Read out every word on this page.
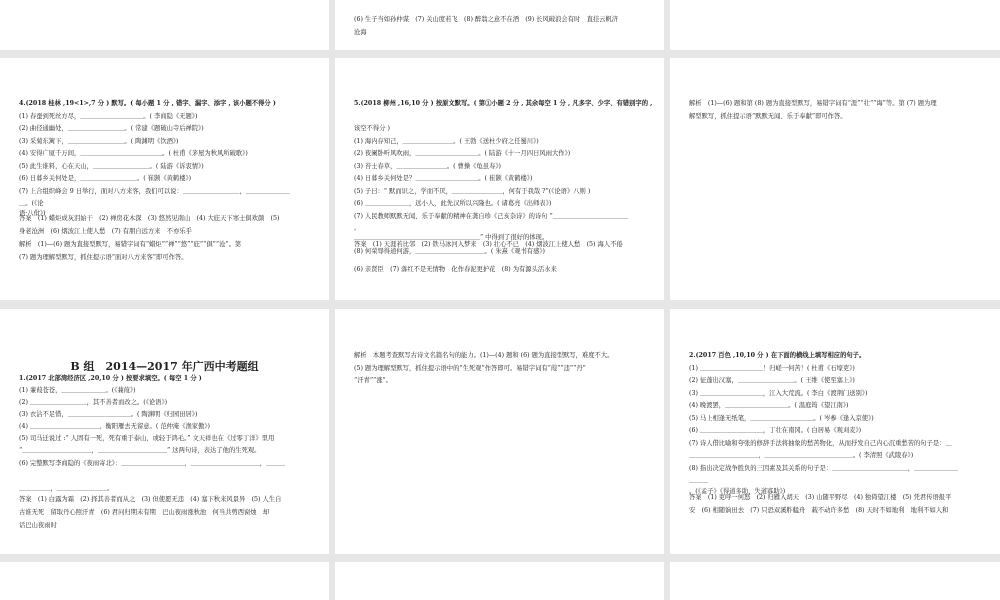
(6) 生子当如孙仲谋　(7) 关山度若飞　(8) 醉翁之意不在酒　(9) 长风破浪会有时　直挂云帆济
沧海
4.(2018 桂林 ,19<1>,7 分 ) 默写。( 每小题 1 分 , 错字、漏字、添字 , 该小题不得分 )
(1) 春蚕到死丝方尽，＿＿＿＿＿＿＿＿＿＿。( 李商隐《无题》)
(2) 曲径通幽处，＿＿＿＿＿＿＿＿＿。( 常建《题破山寺后禅院》)
(3) 采菊东篱下，＿＿＿＿＿＿＿＿＿。( 陶渊明《饮酒》)
(4) 安得广厦千万间，＿＿＿＿＿＿＿＿＿＿＿＿＿。( 杜甫《茅屋为秋风所破歌》)
(5) 此生谁料，心在天山，＿＿＿＿＿＿＿＿＿。( 陆游《诉衷情》)
(6) 日暮乡关何处是，＿＿＿＿＿＿＿＿＿。( 崔颢《黄鹤楼》)
(7) 上合组织峰会 9 日举行，面对八方来客，我们可以说：＿＿＿＿＿＿＿＿＿，＿＿＿＿＿＿＿
＿。(《论
语·八佾》)
答案　(1) 蜡炬成灰泪始干　(2) 禅房花木深　(3) 悠然见南山　(4) 大庇天下寒士俱欢颜　(5)
身老沧洲　(6) 烟波江上使人愁　(7) 有朋自远方来　不亦乐乎
解析　(1)—(6) 题为直接型默写，易错字词有“蜡炬”“禅”“悠”“庇”“俱”“沧”。第
(7) 题为理解型默写，抓住提示语“面对八方来客”即可作答。
5.(2018 柳州 ,16,10 分 ) 按原文默写。( 第①小题 2 分 , 其余每空 1 分 , 凡多字、少字、有错别字的 ,
该空不得分 )
(1) 海内存知己，＿＿＿＿＿＿＿＿。( 王勃《送杜少府之任蜀川》)
(2) 夜阑卧听风吹雨，＿＿＿＿＿＿＿＿＿＿。( 陆游《十一月四日风雨大作》)
(3) 苔士春草，＿＿＿＿＿＿＿＿。( 曹操《龟虽寿》)
(4) 日暮乡关何处是？＿＿＿＿＿＿＿＿＿＿。( 崔颢《黄鹤楼》)
(5) 子曰：“ 默而识之，学而不厌，＿＿＿＿＿＿＿＿，何有于我哉 ?”(《论语》八则 )
(6) ＿＿＿＿＿＿＿，远小人，此先汉所以兴隆也。( 诸葛亮《出师表》)
(7) 人民教师默默无闻、乐于奉献的精神在龚自珍《己亥杂诗》的诗句 “＿＿＿＿＿＿＿＿＿＿＿＿
，
＿＿＿＿＿＿＿＿＿＿＿＿＿＿＿＿＿＿＿＿” 中得到了很好的体现。
答案　(1) 天涯若比邻　(2) 铁马冰河入梦来　(3) 壮心不已　(4) 烟波江上使人愁　(5) 海人不倦
(8) 何荣辱得道何游，＿＿＿＿＿＿＿＿＿＿＿。( 朱熹《观书有感》)
(6) 亲贤臣　(7) 落红不是无情物　化作春泥更护花　(8) 为有源头活水来
解析　(1)—(6) 题和第 (8) 题为直接型默写，易错字词有“涯”“壮”“诲”等。第 (7) 题为理
解型默写，抓住提示语“默默无闻、乐于奉献”即可作答。
B 组　2014—2017 年广西中考题组
1.(2017 北部湾经济区 ,20,10 分 ) 按要求填空。( 每空 1 分 )
(1) 蒹葭苍苍，＿＿＿＿＿＿＿。(《蒹葭》)
(2) ＿＿＿＿＿＿＿＿＿，其不善者而改之。(《论语》)
(3) 衣沾不足惜，＿＿＿＿＿＿＿＿＿＿。( 陶渊明《归园田居》)
(4) ＿＿＿＿＿＿＿＿＿＿＿，衡阳雁去无留意。( 范仲淹《渔家傲》)
(5) 司马迁说过 :“ 人固有一死，死有重于泰山，或轻于鸿毛。” 文天祥也在《过零丁洋》里用
“＿＿＿＿＿＿＿＿＿＿＿，＿＿＿＿＿＿＿＿＿＿＿” 这两句诗，表达了他的生死观。
(6) 完整默写李商隐的《夜雨寄北》：＿＿＿＿＿＿＿＿＿＿，＿＿＿＿＿＿＿＿＿＿＿，＿＿＿
＿＿＿＿＿，＿＿＿＿＿＿＿＿。
答案　(1) 白露为霜　(2) 择其善者而从之　(3) 但使愿无违　(4) 塞下秋来风景异　(5) 人生自
古谁无死　留取丹心照汗青　(6) 君问归期未有期　巴山夜雨涨秋池　何当共剪西窗烛　却
话巴山夜雨时
解析　本题考查默写古诗文名篇名句的能力。(1)—(4) 题和 (6) 题为直接型默写，难度不大。
(5) 题为理解型默写，抓住提示语中的“生死观”作答即可。易错字词有“葭”“违”“丹”
“汗青”“涨”。
2.(2017 百色 ,10,10 分 ) 在下面的横线上填写相应的句子。
(1) ＿＿＿＿＿＿＿＿＿＿！归嵯一何苦！( 杜甫《石壕吏》)
(2) 征蓬出汉塞，＿＿＿＿＿＿＿＿＿。( 王维《使至塞上》)
(3) ＿＿＿＿＿＿＿＿＿＿，江入大荒流。( 李白《渡荆门送别》)
(4) 晚渡罢，＿＿＿＿＿＿＿＿＿＿。( 温庭筠《望江南》)
(5) 马上相逢无纸笔，＿＿＿＿＿＿＿＿＿＿。( 岑参《逢入京使》)
(6) ＿＿＿＿＿＿＿＿＿＿，丁壮在南冈。( 白居易《观刈麦》)
(7) 诗人借比喻和夸张的修辞手法将抽象的愁苦物化，从而抒发自己内心沉重愁苦的句子是：＿
＿＿＿＿＿＿＿＿＿＿＿，＿＿＿＿＿＿＿＿＿＿＿＿＿＿。( 李清照《武陵春》)
(8) 指出决定战争胜负的三因素及其关系的句子是：＿＿＿＿＿＿＿＿＿＿＿＿，＿＿＿＿＿＿＿
＿＿＿
。(《孟子》《得道多助，失道寡助》)
答案　(1) 吏呼一何怒　(2) 归雁入胡天　(3) 山随平野尽　(4) 独倚望江楼　(5) 凭君传语报平
安　(6) 相随饷田去　(7) 只恐双溪舴艋舟　载不动许多愁　(8) 天时不如地利　地利不如人和
